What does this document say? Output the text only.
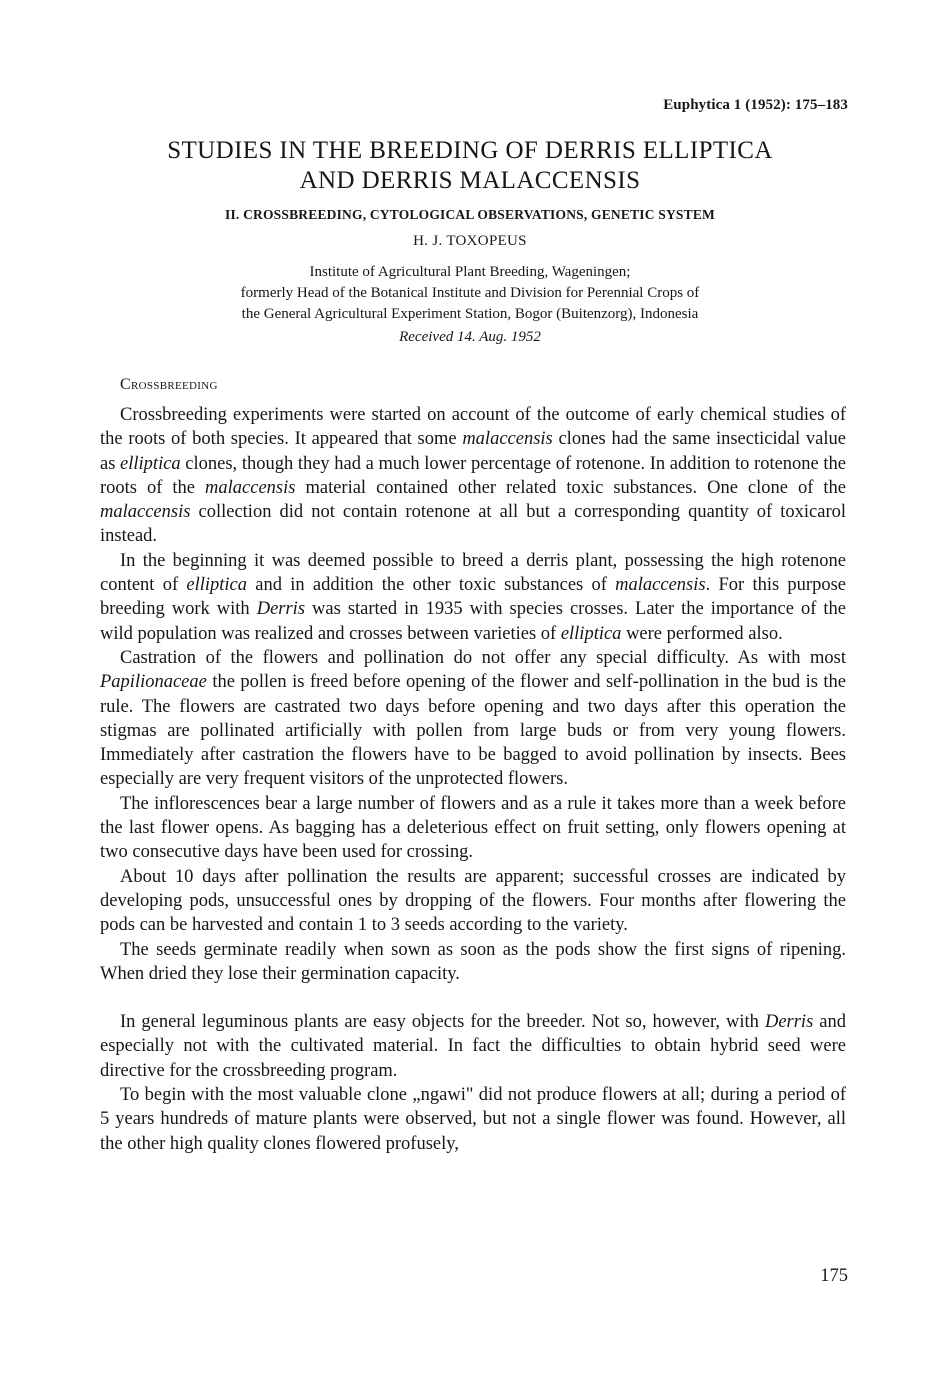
Euphytica 1 (1952): 175–183
STUDIES IN THE BREEDING OF DERRIS ELLIPTICA
AND DERRIS MALACCENSIS
II. CROSSBREEDING, CYTOLOGICAL OBSERVATIONS, GENETIC SYSTEM
H. J. TOXOPEUS
Institute of Agricultural Plant Breeding, Wageningen;
formerly Head of the Botanical Institute and Division for Perennial Crops of
the General Agricultural Experiment Station, Bogor (Buitenzorg), Indonesia
Received 14. Aug. 1952
Crossbreeding

Crossbreeding experiments were started on account of the outcome of early chemical studies of the roots of both species. It appeared that some malaccensis clones had the same insecticidal value as elliptica clones, though they had a much lower percentage of rotenone. In addition to rotenone the roots of the malaccensis material contained other related toxic substances. One clone of the malaccensis collection did not contain rotenone at all but a corresponding quantity of toxicarol instead.

In the beginning it was deemed possible to breed a derris plant, possessing the high rotenone content of elliptica and in addition the other toxic substances of malaccensis. For this purpose breeding work with Derris was started in 1935 with species crosses. Later the importance of the wild population was realized and crosses between varieties of elliptica were performed also.

Castration of the flowers and pollination do not offer any special difficulty. As with most Papilionaceae the pollen is freed before opening of the flower and self-pollination in the bud is the rule. The flowers are castrated two days before opening and two days after this operation the stigmas are pollinated artificially with pollen from large buds or from very young flowers. Immediately after castration the flowers have to be bagged to avoid pollination by insects. Bees especially are very frequent visitors of the unprotected flowers.

The inflorescences bear a large number of flowers and as a rule it takes more than a week before the last flower opens. As bagging has a deleterious effect on fruit setting, only flowers opening at two consecutive days have been used for crossing.

About 10 days after pollination the results are apparent; successful crosses are indicated by developing pods, unsuccessful ones by dropping of the flowers. Four months after flowering the pods can be harvested and contain 1 to 3 seeds according to the variety.

The seeds germinate readily when sown as soon as the pods show the first signs of ripening. When dried they lose their germination capacity.

In general leguminous plants are easy objects for the breeder. Not so, however, with Derris and especially not with the cultivated material. In fact the difficulties to obtain hybrid seed were directive for the crossbreeding program.

To begin with the most valuable clone „ngawi" did not produce flowers at all; during a period of 5 years hundreds of mature plants were observed, but not a single flower was found. However, all the other high quality clones flowered profusely,

175
